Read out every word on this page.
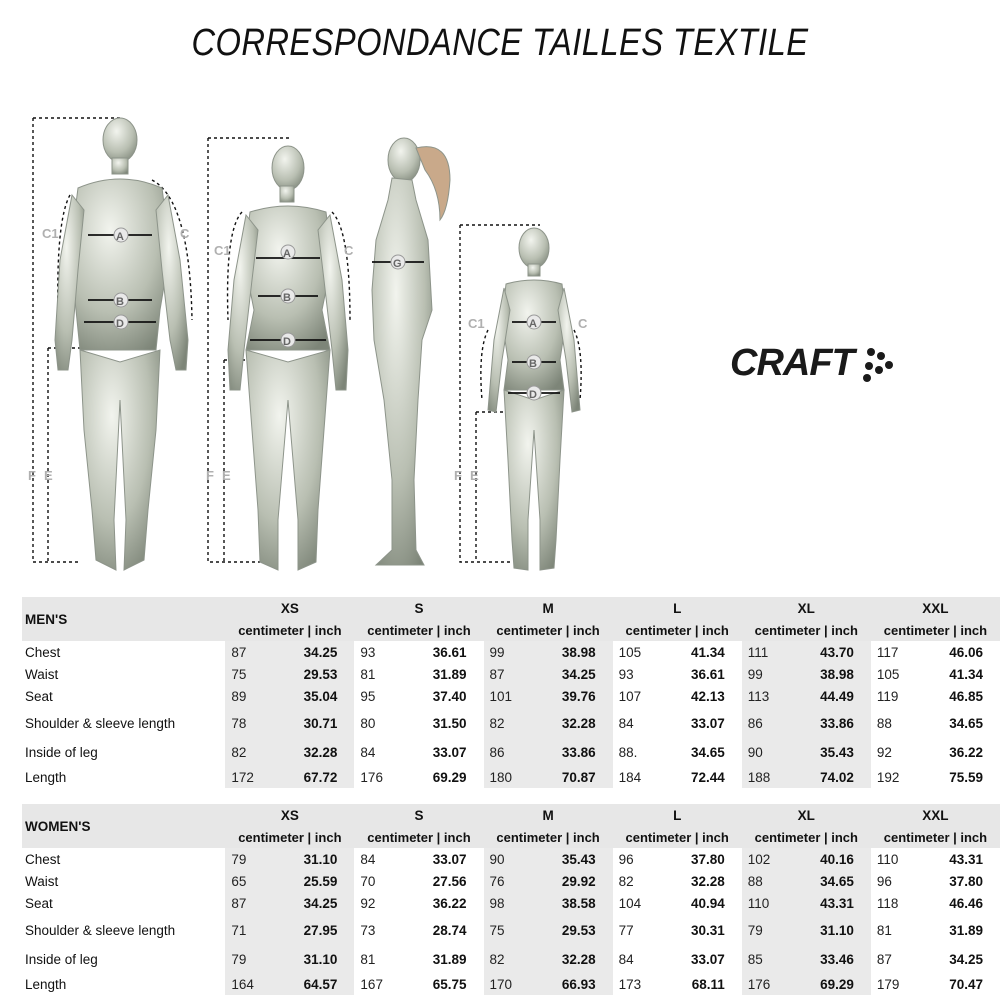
CORRESPONDANCE TAILLES TEXTILE
C1	A	C
B
D
F E
C1	A	C
B
D
F E
G
C1	A	C
B
D
F E
CRAFT
MEN'S	XS		S		M		L		XL		XXL	
	centimeter | inch		centimeter | inch		centimeter | inch		centimeter | inch		centimeter | inch		centimeter | inch	
Chest	87	34.25	93	36.61	99	38.98	105	41.34	111	43.70	117	46.06
Waist	75	29.53	81	31.89	87	34.25	93	36.61	99	38.98	105	41.34
Seat	89	35.04	95	37.40	101	39.76	107	42.13	113	44.49	119	46.85
Shoulder & sleeve length	78	30.71	80	31.50	82	32.28	84	33.07	86	33.86	88	34.65
Inside of leg	82	32.28	84	33.07	86	33.86	88.	34.65	90	35.43	92	36.22
Length	172	67.72	176	69.29	180	70.87	184	72.44	188	74.02	192	75.59
WOMEN'S	XS		S		M		L		XL		XXL	
	centimeter | inch		centimeter | inch		centimeter | inch		centimeter | inch		centimeter | inch		centimeter | inch	
Chest	79	31.10	84	33.07	90	35.43	96	37.80	102	40.16	110	43.31
Waist	65	25.59	70	27.56	76	29.92	82	32.28	88	34.65	96	37.80
Seat	87	34.25	92	36.22	98	38.58	104	40.94	110	43.31	118	46.46
Shoulder & sleeve length	71	27.95	73	28.74	75	29.53	77	30.31	79	31.10	81	31.89
Inside of leg	79	31.10	81	31.89	82	32.28	84	33.07	85	33.46	87	34.25
Length	164	64.57	167	65.75	170	66.93	173	68.11	176	69.29	179	70.47
